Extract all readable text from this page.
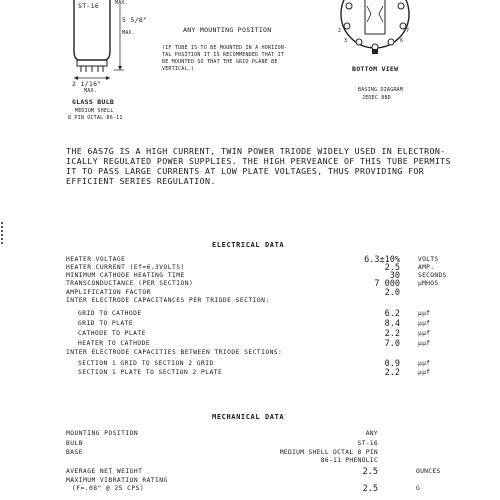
ST-16	MAX.
5 5/8"
MAX.
2 1/16"
MAX.
GLASS BULB
MEDIUM SHELL
8 PIN OCTAL 86-11
ANY MOUNTING POSITION
(IF TUBE IS TO BE MOUNTED IN A HORIZON-
TAL POSITION IT IS RECOMMENDED THAT IT
BE MOUNTED SO THAT THE GRID PLANE BE
VERTICAL.)
2
3
7
6
BOTTOM VIEW
BASING DIAGRAM
JEDEC 8BD
THE 6AS7G IS A HIGH CURRENT, TWIN POWER TRIODE WIDELY USED IN ELECTRON-
ICALLY REGULATED POWER SUPPLIES. THE HIGH PERVEANCE OF THIS TUBE PERMITS
IT TO PASS LARGE CURRENTS AT LOW PLATE VOLTAGES, THUS PROVIDING FOR
EFFICIENT SERIES REGULATION.
ELECTRICAL DATA
HEATER VOLTAGE	6.3±10%	VOLTS
HEATER CURRENT (Ef=6.3VOLTS)	2.5	AMP.
MINIMUM CATHODE HEATING TIME	30	SECONDS
TRANSCONDUCTANCE (PER SECTION)	7 000	μMHOS
AMPLIFICATION FACTOR	2.0
INTER ELECTRODE CAPACITANCES PER TRIODE SECTION:
GRID TO CATHODE	6.2	μμf
GRID TO PLATE	8.4	μμf
CATHODE TO PLATE	2.2	μμf
HEATER TO CATHODE	7.0	μμf
INTER ELECTRODE CAPACITIES BETWEEN TRIODE SECTIONS:
SECTION 1 GRID TO SECTION 2 GRID	0.9	μμf
SECTION 1 PLATE TO SECTION 2 PLATE	2.2	μμf
MECHANICAL DATA
MOUNTING POSITION	ANY
BULB	ST-16
BASE	MEDIUM SHELL OCTAL 8 PIN
86-11 PHENOLIC
AVERAGE NET WEIGHT	2.5	OUNCES
MAXIMUM VIBRATION RATING
(F=.08" @ 25 CPS)	2.5	G
